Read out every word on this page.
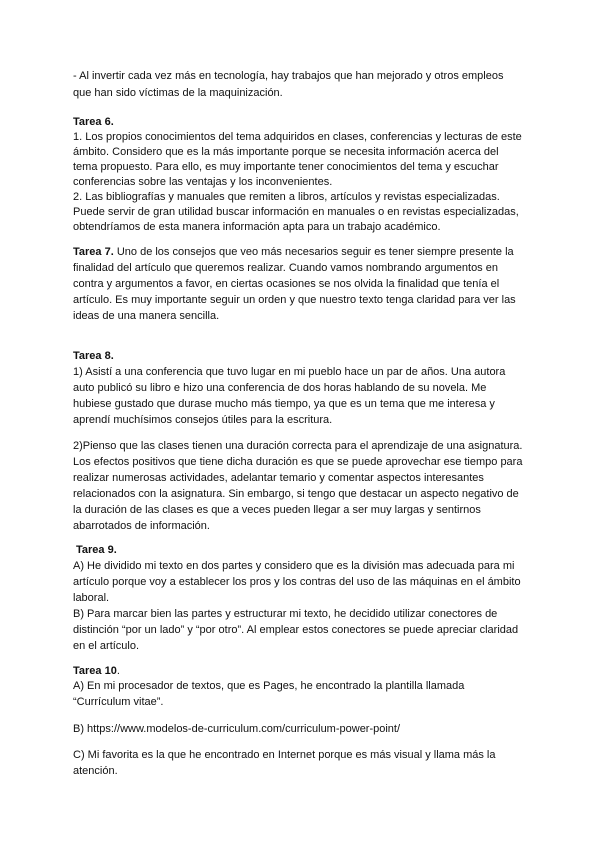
- Al invertir cada vez más en tecnología, hay trabajos que han mejorado y otros empleos
que han sido víctimas de la maquinización.
Tarea 6.
1. Los propios conocimientos del tema adquiridos en clases, conferencias y lecturas de este
ámbito. Considero que es la más importante porque se necesita información acerca del
tema propuesto. Para ello, es muy importante tener conocimientos del tema y escuchar
conferencias sobre las ventajas y los inconvenientes.
2. Las bibliografías y manuales que remiten a libros, artículos y revistas especializadas.
Puede servir de gran utilidad buscar información en manuales o en revistas especializadas,
obtendríamos de esta manera información apta para un trabajo académico.
Tarea 7. Uno de los consejos que veo más necesarios seguir es tener siempre presente la
finalidad del artículo que queremos realizar. Cuando vamos nombrando argumentos en
contra y argumentos a favor, en ciertas ocasiones se nos olvida la finalidad que tenía el
artículo. Es muy importante seguir un orden y que nuestro texto tenga claridad para ver las
ideas de una manera sencilla.
Tarea 8.
1) Asistí a una conferencia que tuvo lugar en mi pueblo hace un par de años. Una autora
auto publicó su libro e hizo una conferencia de dos horas hablando de su novela. Me
hubiese gustado que durase mucho más tiempo, ya que es un tema que me interesa y
aprendí muchísimos consejos útiles para la escritura.
2)Pienso que las clases tienen una duración correcta para el aprendizaje de una asignatura.
Los efectos positivos que tiene dicha duración es que se puede aprovechar ese tiempo para
realizar numerosas actividades, adelantar temario y comentar aspectos interesantes
relacionados con la asignatura. Sin embargo, si tengo que destacar un aspecto negativo de
la duración de las clases es que a veces pueden llegar a ser muy largas y sentirnos
abarrotados de información.
Tarea 9.
A) He dividido mi texto en dos partes y considero que es la división mas adecuada para mi
artículo porque voy a establecer los pros y los contras del uso de las máquinas en el ámbito
laboral.
B) Para marcar bien las partes y estructurar mi texto, he decidido utilizar conectores de
distinción “por un lado” y “por otro”. Al emplear estos conectores se puede apreciar claridad
en el artículo.
Tarea 10.
A) En mi procesador de textos, que es Pages, he encontrado la plantilla llamada
“Currículum vitae”.
B) https://www.modelos-de-curriculum.com/curriculum-power-point/
C) Mi favorita es la que he encontrado en Internet porque es más visual y llama más la
atención.
